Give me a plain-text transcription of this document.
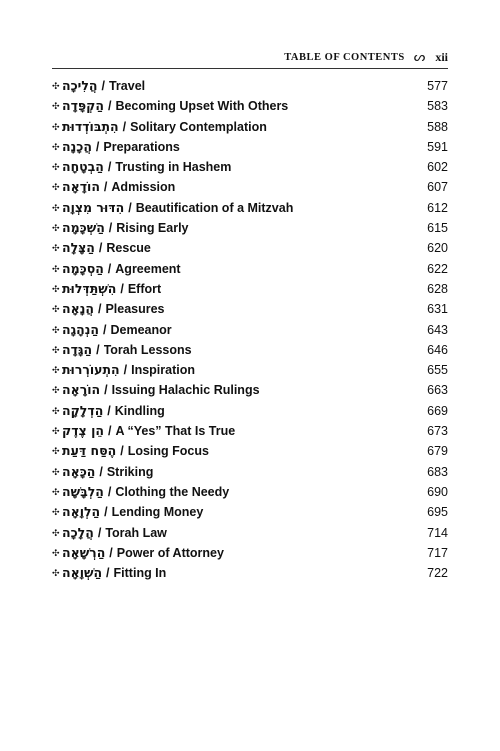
TABLE OF CONTENTS ᔕ xii
✣ הֲלִיכָה / Travel	577
✣ הַקְפָּדָה / Becoming Upset With Others	583
✣ הִתְבּוֹדְדוּת / Solitary Contemplation	588
✣ הֲכָנָה / Preparations	591
✣ הַבְטָחָה / Trusting in Hashem	602
✣ הוֹדָאָה / Admission	607
✣ הִדּוּר מִצְוָה / Beautification of a Mitzvah	612
✣ הַשְׁכָּמָה / Rising Early	615
✣ הַצָּלָה / Rescue	620
✣ הַסְכָּמָה / Agreement	622
✣ הִשְׁתַּדְּלוּת / Effort	628
✣ הֲנָאָה / Pleasures	631
✣ הַנְהָגָה / Demeanor	643
✣ הַגָּדָה / Torah Lessons	646
✣ הִתְעוֹרְרוּת / Inspiration	655
✣ הוֹרָאָה / Issuing Halachic Rulings	663
✣ הַדְלָקָה / Kindling	669
✣ הֵן צֶדֶק / A “Yes” That Is True	673
✣ הֶסַּח דַּעַת / Losing Focus	679
✣ הַכָּאָה / Striking	683
✣ הַלְבָּשָׁה / Clothing the Needy	690
✣ הַלְוָאָה / Lending Money	695
✣ הֲלָכָה / Torah Law	714
✣ הַרְשָׁאָה / Power of Attorney	717
✣ הַשְׁוָאָה / Fitting In	722
